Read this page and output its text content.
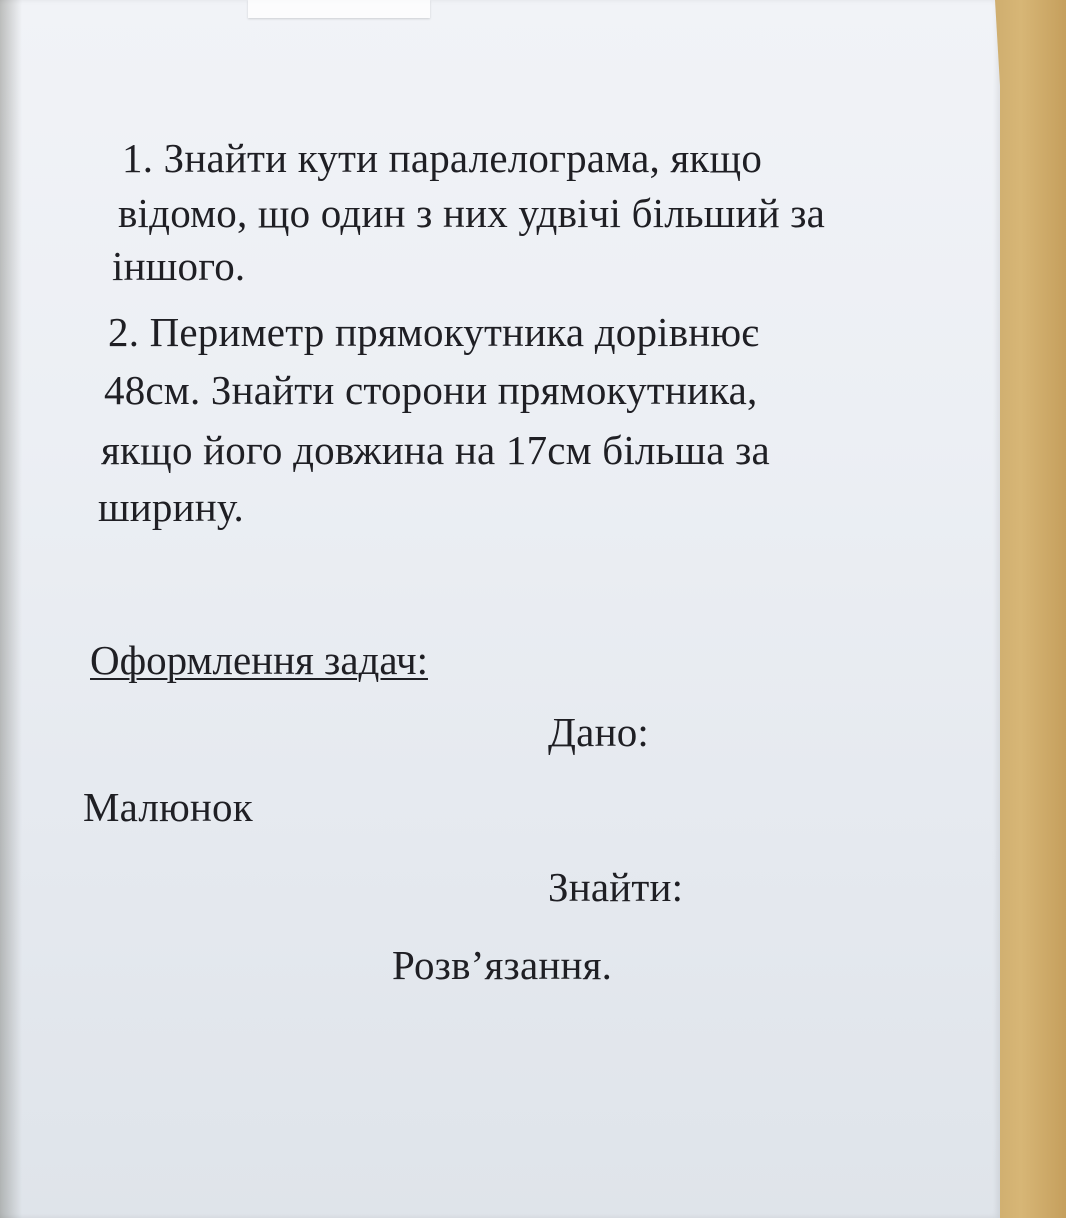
1. Знайти кути паралелограма, якщо
відомо, що один з них удвічі більший за
іншого.
2. Периметр прямокутника дорівнює
48см. Знайти сторони прямокутника,
якщо його довжина на 17см більша за
ширину.
Оформлення задач:
Дано:
Малюнок
Знайти:
Розв’язання.
